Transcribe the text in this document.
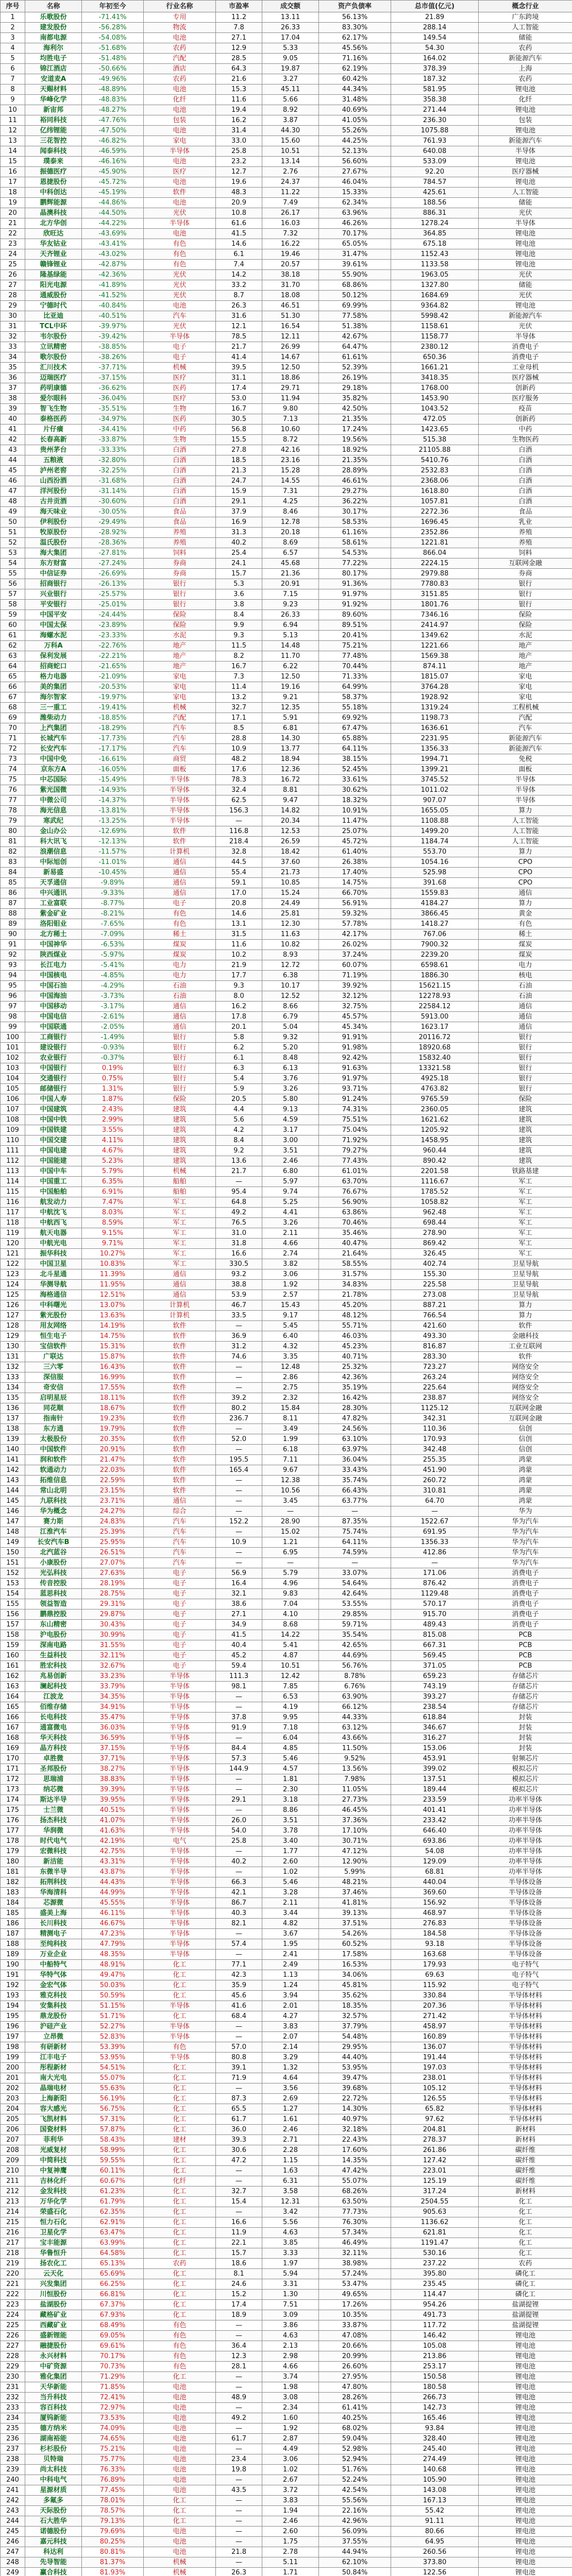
序号	名称	年初至今	行业名称	市盈率	成交额	资产负债率	总市值(亿元)	概念行业
1	乐歌股份	-71.41%	专用	11.2	13.11	56.13%	21.89	广东跨境
2	建发股份	-56.28%	物流	7.8	26.33	83.30%	288.14	人工智能
3	南都电源	-54.08%	电池	27.1	17.04	62.17%	149.54	储能
4	海利尔	-51.68%	农药	12.9	5.33	45.56%	54.30	农药
5	均胜电子	-51.48%	汽配	28.5	9.05	71.16%	164.02	新能源汽车
6	锦江酒店	-50.66%	酒店	64.3	19.87	62.19%	378.39	上海
7	安道麦A	-49.96%	农药	21.6	3.27	60.42%	187.32	农药
8	天赐材料	-48.89%	电池	15.3	45.11	44.34%	581.95	锂电池
9	华峰化学	-48.83%	化纤	11.6	5.66	31.48%	358.38	化纤
10	新宙邦	-48.27%	电池	19.4	8.92	40.69%	271.44	锂电池
11	裕同科技	-47.76%	包装	16.2	3.87	41.05%	236.30	包装
12	亿纬锂能	-47.50%	电池	31.4	44.30	55.26%	1075.88	锂电池
13	三花智控	-46.82%	家电	33.0	15.60	44.25%	761.93	新能源汽车
14	闻泰科技	-46.59%	半导体	25.8	10.51	52.13%	640.08	半导体
15	璞泰来	-46.16%	电池	23.2	13.14	56.60%	533.09	锂电池
16	振德医疗	-45.90%	医疗	12.7	2.76	27.67%	92.20	医疗器械
17	恩捷股份	-45.72%	电池	19.6	24.37	46.04%	784.57	锂电池
18	中科创达	-45.19%	软件	48.3	11.22	15.33%	425.61	人工智能
19	鹏辉能源	-44.86%	电池	20.9	7.49	62.34%	188.56	储能
20	晶澳科技	-44.50%	光伏	10.8	26.17	63.96%	886.31	光伏
21	北方华创	-44.22%	半导体	61.6	16.03	46.26%	1278.24	半导体
22	欣旺达	-43.69%	电池	41.5	7.32	70.17%	364.85	锂电池
23	华友钴业	-43.41%	有色	14.6	16.22	65.05%	675.18	锂电池
24	天齐锂业	-43.02%	有色	6.1	19.46	31.47%	1152.43	锂电池
25	赣锋锂业	-42.87%	有色	7.4	20.57	39.61%	1133.58	锂电池
26	隆基绿能	-42.36%	光伏	14.2	38.18	55.90%	1963.05	光伏
27	阳光电源	-41.89%	光伏	33.2	31.70	68.86%	1327.80	储能
28	通威股份	-41.52%	光伏	8.7	18.08	50.12%	1684.69	光伏
29	宁德时代	-40.84%	电池	26.3	46.51	69.99%	9364.82	锂电池
30	比亚迪	-40.51%	汽车	31.6	51.30	77.58%	5998.42	新能源汽车
31	TCL中环	-39.97%	光伏	12.1	16.54	51.38%	1158.61	光伏
32	韦尔股份	-39.42%	半导体	78.5	12.11	42.67%	1158.77	半导体
33	立讯精密	-38.85%	电子	21.7	26.99	64.47%	2380.12	消费电子
34	歌尔股份	-38.26%	电子	41.4	14.67	61.61%	650.36	消费电子
35	汇川技术	-37.71%	机械	39.5	12.50	52.39%	1661.21	工业母机
36	迈瑞医疗	-37.15%	医疗	31.1	18.86	26.19%	3418.35	医疗器械
37	药明康德	-36.62%	医药	17.4	29.71	29.18%	1768.00	创新药
38	爱尔眼科	-36.04%	医疗	53.0	11.94	35.82%	1453.90	医疗服务
39	智飞生物	-35.51%	生物	16.7	9.80	42.50%	1043.52	疫苗
40	泰格医药	-34.97%	医药	30.5	7.13	21.35%	472.05	创新药
41	片仔癀	-34.41%	中药	56.8	10.60	17.24%	1423.65	中药
42	长春高新	-33.87%	生物	15.5	8.72	19.56%	515.38	生物医药
43	贵州茅台	-33.33%	白酒	27.8	42.16	18.92%	21105.88	白酒
44	五粮液	-32.80%	白酒	18.5	23.16	21.35%	5410.76	白酒
45	泸州老窖	-32.25%	白酒	21.3	15.28	28.89%	2532.83	白酒
46	山西汾酒	-31.68%	白酒	24.7	14.55	46.61%	2368.06	白酒
47	洋河股份	-31.14%	白酒	15.9	7.31	29.27%	1618.80	白酒
48	古井贡酒	-30.60%	白酒	29.1	4.25	36.22%	1057.81	白酒
49	海天味业	-30.05%	食品	37.9	8.46	30.17%	2272.36	食品
50	伊利股份	-29.49%	食品	16.9	12.78	58.53%	1696.45	乳业
51	牧原股份	-28.92%	养殖	31.3	20.18	61.16%	2352.86	养殖
52	温氏股份	-28.36%	养殖	40.2	8.69	58.61%	1221.81	养殖
53	海大集团	-27.81%	饲料	25.4	6.57	54.53%	866.04	饲料
54	东方财富	-27.24%	券商	24.1	45.68	77.22%	2224.15	互联网金融
55	中信证券	-26.69%	券商	15.7	21.36	80.17%	2979.88	券商
56	招商银行	-26.13%	银行	5.3	20.91	91.36%	7780.83	银行
57	兴业银行	-25.57%	银行	3.6	7.15	91.97%	3151.85	银行
58	平安银行	-25.01%	银行	3.8	9.23	91.92%	1801.76	银行
59	中国平安	-24.44%	保险	8.4	26.33	89.60%	7346.16	保险
60	中国太保	-23.89%	保险	9.9	6.94	89.51%	2414.97	保险
61	海螺水泥	-23.33%	水泥	9.3	5.13	20.41%	1349.62	水泥
62	万科A	-22.76%	地产	11.5	14.48	75.21%	1221.66	地产
63	保利发展	-22.21%	地产	8.2	11.70	77.48%	1569.38	地产
64	招商蛇口	-21.65%	地产	16.7	6.22	70.44%	874.11	地产
65	格力电器	-21.09%	家电	7.3	12.50	71.33%	1815.07	家电
66	美的集团	-20.53%	家电	11.4	19.16	64.99%	3764.28	家电
67	海尔智家	-19.97%	家电	13.2	9.21	58.37%	1928.92	家电
68	三一重工	-19.41%	机械	32.7	12.35	55.18%	1319.24	工程机械
69	潍柴动力	-18.85%	汽配	17.1	5.91	69.92%	1198.73	汽配
70	上汽集团	-18.29%	汽车	8.5	6.81	67.47%	1636.61	汽车
71	长城汽车	-17.73%	汽车	28.8	14.30	65.88%	2231.95	新能源汽车
72	长安汽车	-17.17%	汽车	10.9	13.77	64.11%	1356.33	新能源汽车
73	中国中免	-16.61%	商贸	48.2	18.94	38.15%	1994.71	免税
74	京东方A	-16.05%	面板	17.6	12.36	52.45%	1399.21	面板
75	中芯国际	-15.49%	半导体	78.3	16.72	33.61%	3745.52	半导体
76	紫光国微	-14.93%	半导体	32.4	8.81	30.62%	1011.02	半导体
77	中微公司	-14.37%	半导体	62.5	9.47	18.32%	907.07	半导体
78	海光信息	-13.81%	半导体	156.3	14.82	10.91%	1655.05	算力
79	寒武纪	-13.25%	半导体	—	20.34	11.47%	1108.88	人工智能
80	金山办公	-12.69%	软件	116.8	12.53	25.07%	1499.20	人工智能
81	科大讯飞	-12.13%	软件	218.4	26.59	45.72%	1184.74	人工智能
82	浪潮信息	-11.57%	计算机	32.8	18.42	61.40%	553.70	算力
83	中际旭创	-11.01%	通信	44.5	37.60	26.38%	1054.16	CPO
84	新易盛	-10.45%	通信	55.4	21.73	17.40%	525.98	CPO
85	天孚通信	-9.89%	通信	59.1	10.85	14.75%	391.68	CPO
86	中兴通讯	-9.33%	通信	17.0	15.24	66.70%	1559.83	通信
87	工业富联	-8.77%	电子	20.8	24.49	56.91%	4184.27	算力
88	紫金矿业	-8.21%	有色	14.6	25.81	59.32%	3866.45	黄金
89	洛阳钼业	-7.65%	有色	13.1	12.30	57.78%	1418.27	有色
90	北方稀土	-7.09%	稀土	31.5	11.63	42.17%	767.06	稀土
91	中国神华	-6.53%	煤炭	11.6	10.82	26.02%	7900.32	煤炭
92	陕西煤业	-5.97%	煤炭	10.2	8.93	37.24%	2239.20	煤炭
93	长江电力	-5.41%	电力	21.9	12.72	60.07%	6598.61	电力
94	中国核电	-4.85%	电力	17.7	6.38	71.19%	1886.30	核电
95	中国石油	-4.29%	石油	9.3	10.17	39.92%	15621.15	石油
96	中国海油	-3.73%	石油	8.0	12.52	32.12%	12278.93	石油
97	中国移动	-3.17%	通信	16.2	8.66	32.75%	22584.12	通信
98	中国电信	-2.61%	通信	17.8	6.79	45.57%	5913.00	通信
99	中国联通	-2.05%	通信	20.1	5.04	45.34%	1623.17	通信
100	工商银行	-1.49%	银行	5.8	9.32	91.91%	20116.72	银行
101	建设银行	-0.93%	银行	6.2	5.20	91.98%	18920.68	银行
102	农业银行	-0.37%	银行	6.1	8.48	92.42%	15832.40	银行
103	中国银行	0.19%	银行	6.3	6.13	91.63%	13321.58	银行
104	交通银行	0.75%	银行	5.4	3.76	91.97%	4925.18	银行
105	邮储银行	1.31%	银行	5.9	3.26	93.71%	4763.82	银行
106	中国人寿	1.87%	保险	20.5	5.80	91.24%	9765.59	保险
107	中国建筑	2.43%	建筑	4.4	9.13	74.31%	2360.05	建筑
108	中国中铁	2.99%	建筑	5.6	4.59	75.51%	1621.62	建筑
109	中国铁建	3.55%	建筑	4.2	3.17	75.04%	1205.92	建筑
110	中国交建	4.11%	建筑	8.4	3.00	71.92%	1458.95	建筑
111	中国电建	4.67%	建筑	9.2	3.51	79.27%	960.44	建筑
112	中国能建	5.23%	建筑	13.6	2.46	77.43%	890.42	建筑
113	中国中车	5.79%	机械	21.7	6.80	61.01%	2201.58	铁路基建
114	中国重工	6.35%	船舶	—	5.97	63.70%	1116.67	军工
115	中国船舶	6.91%	船舶	95.4	9.74	76.67%	1785.52	军工
116	航发动力	7.47%	军工	64.8	5.25	56.90%	1058.82	军工
117	中航沈飞	8.03%	军工	49.2	4.41	63.86%	962.48	军工
118	中航西飞	8.59%	军工	76.5	3.26	70.46%	698.44	军工
119	航天电器	9.15%	军工	31.0	2.11	35.46%	278.90	军工
120	中航光电	9.71%	军工	31.8	4.66	40.47%	869.42	军工
121	振华科技	10.27%	军工	16.6	2.74	21.64%	326.45	军工
122	中国卫星	10.83%	军工	330.5	3.82	58.55%	402.74	卫星导航
123	北斗星通	11.39%	通信	93.2	3.06	31.57%	155.30	卫星导航
124	华测导航	11.95%	通信	38.8	1.92	34.83%	225.58	卫星导航
125	海格通信	12.51%	通信	53.9	2.57	21.78%	273.08	卫星导航
126	中科曙光	13.07%	计算机	46.7	15.43	45.20%	887.21	算力
127	紫光股份	13.63%	计算机	33.5	9.17	48.12%	766.54	算力
128	用友网络	14.19%	软件	—	5.45	55.71%	421.60	软件
129	恒生电子	14.75%	软件	36.9	6.40	46.03%	493.30	金融科技
130	宝信软件	15.31%	软件	31.2	4.32	45.23%	816.87	工业互联网
131	广联达	15.87%	软件	74.6	3.35	40.71%	283.30	软件
132	三六零	16.43%	软件	—	12.48	25.32%	723.27	网络安全
133	深信服	16.99%	软件	—	2.86	42.36%	263.24	网络安全
134	奇安信	17.55%	软件	—	2.75	35.19%	225.64	网络安全
135	启明星辰	18.11%	软件	39.2	2.32	16.42%	238.87	网络安全
136	同花顺	18.67%	软件	80.2	15.84	28.30%	1125.12	互联网金融
137	指南针	19.23%	软件	236.7	8.11	47.82%	342.31	互联网金融
138	东方通	19.79%	软件	—	3.49	24.56%	110.36	信创
139	太极股份	20.35%	软件	52.0	1.99	63.10%	170.93	信创
140	中国软件	20.91%	软件	—	6.18	63.97%	342.48	信创
141	润和软件	21.47%	软件	195.5	7.11	36.04%	255.35	鸿蒙
142	软通动力	22.03%	软件	165.4	9.67	33.43%	451.90	鸿蒙
143	拓维信息	22.59%	软件	—	12.38	35.74%	260.72	鸿蒙
144	常山北明	23.15%	软件	—	10.56	66.43%	310.81	鸿蒙
145	九联科技	23.71%	通信	—	3.45	63.77%	64.70	鸿蒙
146	华为概念	24.27%	综合	—	—	—	—	华为
147	赛力斯	24.83%	汽车	152.2	28.90	87.35%	1522.67	华为汽车
148	江淮汽车	25.39%	汽车	—	15.02	75.74%	691.95	华为汽车
149	长安汽车B	25.95%	汽车	10.9	1.21	64.11%	1356.33	华为汽车
150	北汽蓝谷	26.51%	汽车	—	6.95	74.59%	412.86	华为汽车
151	小康股份	27.07%	汽车	—	—	—	—	华为汽车
152	光弘科技	27.63%	电子	56.9	5.79	33.07%	171.06	消费电子
153	传音控股	28.19%	电子	16.4	4.96	54.64%	876.42	消费电子
154	蓝思科技	28.75%	电子	32.1	9.83	42.64%	1129.48	消费电子
155	领益智造	29.31%	电子	38.6	7.04	53.55%	570.17	消费电子
156	鹏鼎控股	29.87%	电子	27.1	4.10	29.85%	915.70	消费电子
157	东山精密	30.43%	电子	34.9	8.68	59.71%	489.43	消费电子
158	沪电股份	30.99%	电子	41.5	14.22	35.54%	815.08	PCB
159	深南电路	31.55%	电子	40.4	5.41	42.65%	667.31	PCB
160	生益科技	32.11%	电子	45.2	4.87	44.69%	569.45	PCB
161	胜宏科技	32.67%	电子	59.4	10.51	56.76%	371.05	PCB
162	兆易创新	33.23%	半导体	111.3	12.42	8.78%	659.23	存储芯片
163	澜起科技	33.79%	半导体	98.1	7.85	6.76%	743.19	存储芯片
164	江波龙	34.35%	半导体	—	6.53	63.90%	393.27	存储芯片
165	佰维存储	34.91%	半导体	—	4.19	66.12%	238.54	存储芯片
166	长电科技	35.47%	半导体	37.8	9.95	44.33%	618.84	封装
167	通富微电	36.03%	半导体	91.9	7.18	63.12%	346.67	封装
168	华天科技	36.59%	半导体	—	6.04	43.66%	316.27	封装
169	晶方科技	37.15%	半导体	84.4	4.85	11.50%	153.06	封装
170	卓胜微	37.71%	半导体	57.3	5.46	9.52%	453.91	射频芯片
171	圣邦股份	38.27%	半导体	144.9	4.57	13.56%	399.02	模拟芯片
172	思瑞浦	38.83%	半导体	—	1.81	7.98%	137.51	模拟芯片
173	纳芯微	39.39%	半导体	—	2.30	11.05%	189.44	模拟芯片
174	斯达半导	39.95%	半导体	29.1	3.18	27.73%	233.59	功率半导体
175	士兰微	40.51%	半导体	—	8.86	46.45%	401.41	功率半导体
176	扬杰科技	41.07%	半导体	26.0	3.51	37.36%	233.42	功率半导体
177	华润微	41.63%	半导体	54.0	3.78	17.10%	646.40	功率半导体
178	时代电气	42.19%	电气	25.8	3.40	30.71%	693.86	功率半导体
179	宏微科技	42.75%	半导体	—	1.77	47.12%	54.08	功率半导体
180	新洁能	43.31%	半导体	40.2	2.60	12.90%	129.09	功率半导体
181	东微半导	43.87%	半导体	—	1.02	5.99%	68.81	功率半导体
182	拓荆科技	44.43%	半导体	66.3	5.46	48.21%	440.04	半导体设备
183	华海清科	44.99%	半导体	42.1	3.28	37.46%	369.60	半导体设备
184	芯源微	45.55%	半导体	86.7	2.11	41.81%	156.92	半导体设备
185	盛美上海	46.11%	半导体	40.3	3.44	39.13%	468.97	半导体设备
186	长川科技	46.67%	半导体	82.1	4.82	37.51%	276.83	半导体设备
187	精测电子	47.23%	半导体	—	3.67	54.26%	184.58	半导体设备
188	至纯科技	47.79%	半导体	57.4	1.95	60.52%	93.18	半导体设备
189	万业企业	48.35%	半导体	—	2.41	17.58%	163.68	半导体设备
190	中船特气	48.91%	化工	77.1	2.49	16.53%	179.93	电子特气
191	华特气体	49.47%	化工	42.3	1.13	34.06%	69.63	电子特气
192	金宏气体	50.03%	化工	35.9	1.24	45.81%	115.92	电子特气
193	雅克科技	50.59%	化工	45.6	3.94	35.62%	330.84	半导体材料
194	安集科技	51.15%	半导体	41.6	2.01	18.35%	207.36	半导体材料
195	鼎龙股份	51.71%	化工	68.4	4.27	32.57%	271.42	半导体材料
196	沪硅产业	52.27%	半导体	—	3.83	37.79%	458.97	半导体材料
197	立昂微	52.83%	半导体	—	2.07	54.48%	160.89	半导体材料
198	有研新材	53.39%	有色	57.0	2.14	29.95%	136.07	半导体材料
199	江丰电子	53.95%	半导体	80.8	3.29	44.40%	191.44	半导体材料
200	彤程新材	54.51%	化工	39.1	1.32	53.95%	197.03	半导体材料
201	南大光电	55.07%	化工	71.9	4.64	39.47%	238.01	半导体材料
202	晶瑞电材	55.63%	化工	—	3.56	39.68%	105.12	半导体材料
203	上海新阳	56.19%	化工	87.3	2.69	22.72%	126.55	半导体材料
204	容大感光	56.75%	化工	65.5	1.27	14.30%	65.82	半导体材料
205	飞凯材料	57.31%	化工	61.7	1.61	40.97%	97.62	半导体材料
206	国瓷材料	57.87%	化工	36.0	2.46	32.18%	204.81	新材料
207	菲利华	58.43%	建材	39.3	2.71	22.43%	278.37	新材料
208	光威复材	58.99%	化工	30.6	2.28	17.60%	261.86	碳纤维
209	中简科技	59.55%	化工	47.2	1.15	14.35%	127.42	碳纤维
210	中复神鹰	60.11%	化工	—	1.63	47.42%	223.01	碳纤维
211	吉林化纤	60.67%	化纤	—	6.31	55.07%	125.19	碳纤维
212	金发科技	61.23%	化工	32.7	3.58	68.26%	317.24	新材料
213	万华化学	61.79%	化工	15.4	12.31	63.50%	2504.55	化工
214	荣盛石化	62.35%	化工	—	3.42	77.73%	905.63	化工
215	恒力石化	62.91%	化工	16.6	5.56	76.30%	1136.62	化工
216	卫星化学	63.47%	化工	11.9	4.63	57.34%	621.81	化工
217	宝丰能源	63.99%	化工	22.1	3.85	46.49%	1191.47	化工
218	华鲁恒升	64.58%	化工	15.7	3.33	32.11%	530.16	化工
219	扬农化工	65.13%	农药	18.6	1.97	38.98%	237.22	农药
220	云天化	65.69%	化工	8.1	5.94	57.24%	395.80	磷化工
221	兴发集团	66.25%	化工	24.6	3.31	53.47%	235.45	磷化工
222	川恒股份	66.81%	化工	15.2	1.30	49.65%	114.47	磷化工
223	盐湖股份	67.37%	化工	17.4	7.51	17.26%	954.26	盐湖提锂
224	藏格矿业	67.93%	化工	18.9	3.09	10.35%	491.73	盐湖提锂
225	西藏矿业	68.49%	有色	—	3.86	33.87%	117.72	盐湖提锂
226	盛新锂能	69.05%	有色	—	4.63	47.08%	146.42	锂电池
227	融捷股份	69.61%	有色	36.4	2.13	20.66%	105.08	锂电池
228	永兴材料	70.17%	有色	12.3	2.98	20.99%	213.86	锂电池
229	中矿资源	70.73%	有色	28.1	4.66	26.60%	253.17	锂电池
230	雅化集团	71.29%	化工	—	3.74	27.95%	150.58	锂电池
231	天华新能	71.85%	电池	—	1.98	47.80%	180.58	锂电池
232	当升科技	72.41%	电池	48.9	3.08	28.26%	266.73	锂电池
233	容百科技	72.97%	电池	—	2.34	61.41%	142.73	锂电池
234	厦钨新能	73.53%	电池	49.2	1.60	40.25%	165.46	锂电池
235	德方纳米	74.09%	电池	—	1.92	68.02%	93.84	锂电池
236	湖南裕能	74.65%	电池	61.7	2.87	59.04%	328.40	锂电池
237	杉杉股份	75.21%	电池	—	4.49	52.98%	245.40	锂电池
238	贝特瑞	75.77%	电池	23.4	3.06	52.94%	274.49	锂电池
239	尚太科技	76.33%	电池	19.8	1.02	51.76%	140.68	锂电池
240	中科电气	76.89%	电池	—	2.67	52.24%	105.90	锂电池
241	星源材质	77.45%	电池	43.5	3.72	42.54%	143.08	锂电池
242	多氟多	78.01%	化工	—	3.83	55.56%	167.13	锂电池
243	天际股份	78.57%	化工	—	1.94	22.16%	55.42	锂电池
244	石大胜华	79.13%	化工	—	2.46	42.96%	91.11	锂电池
245	诺德股份	79.69%	电池	—	2.60	56.09%	80.66	锂电池
246	嘉元科技	80.25%	电池	—	1.75	37.55%	64.95	锂电池
247	科达利	80.81%	电池	21.8	2.78	44.94%	260.56	锂电池
248	先导智能	81.37%	机械	—	5.11	62.10%	373.80	锂电池
249	赢合科技	81.93%	机械	26.3	1.71	50.84%	122.56	锂电池
